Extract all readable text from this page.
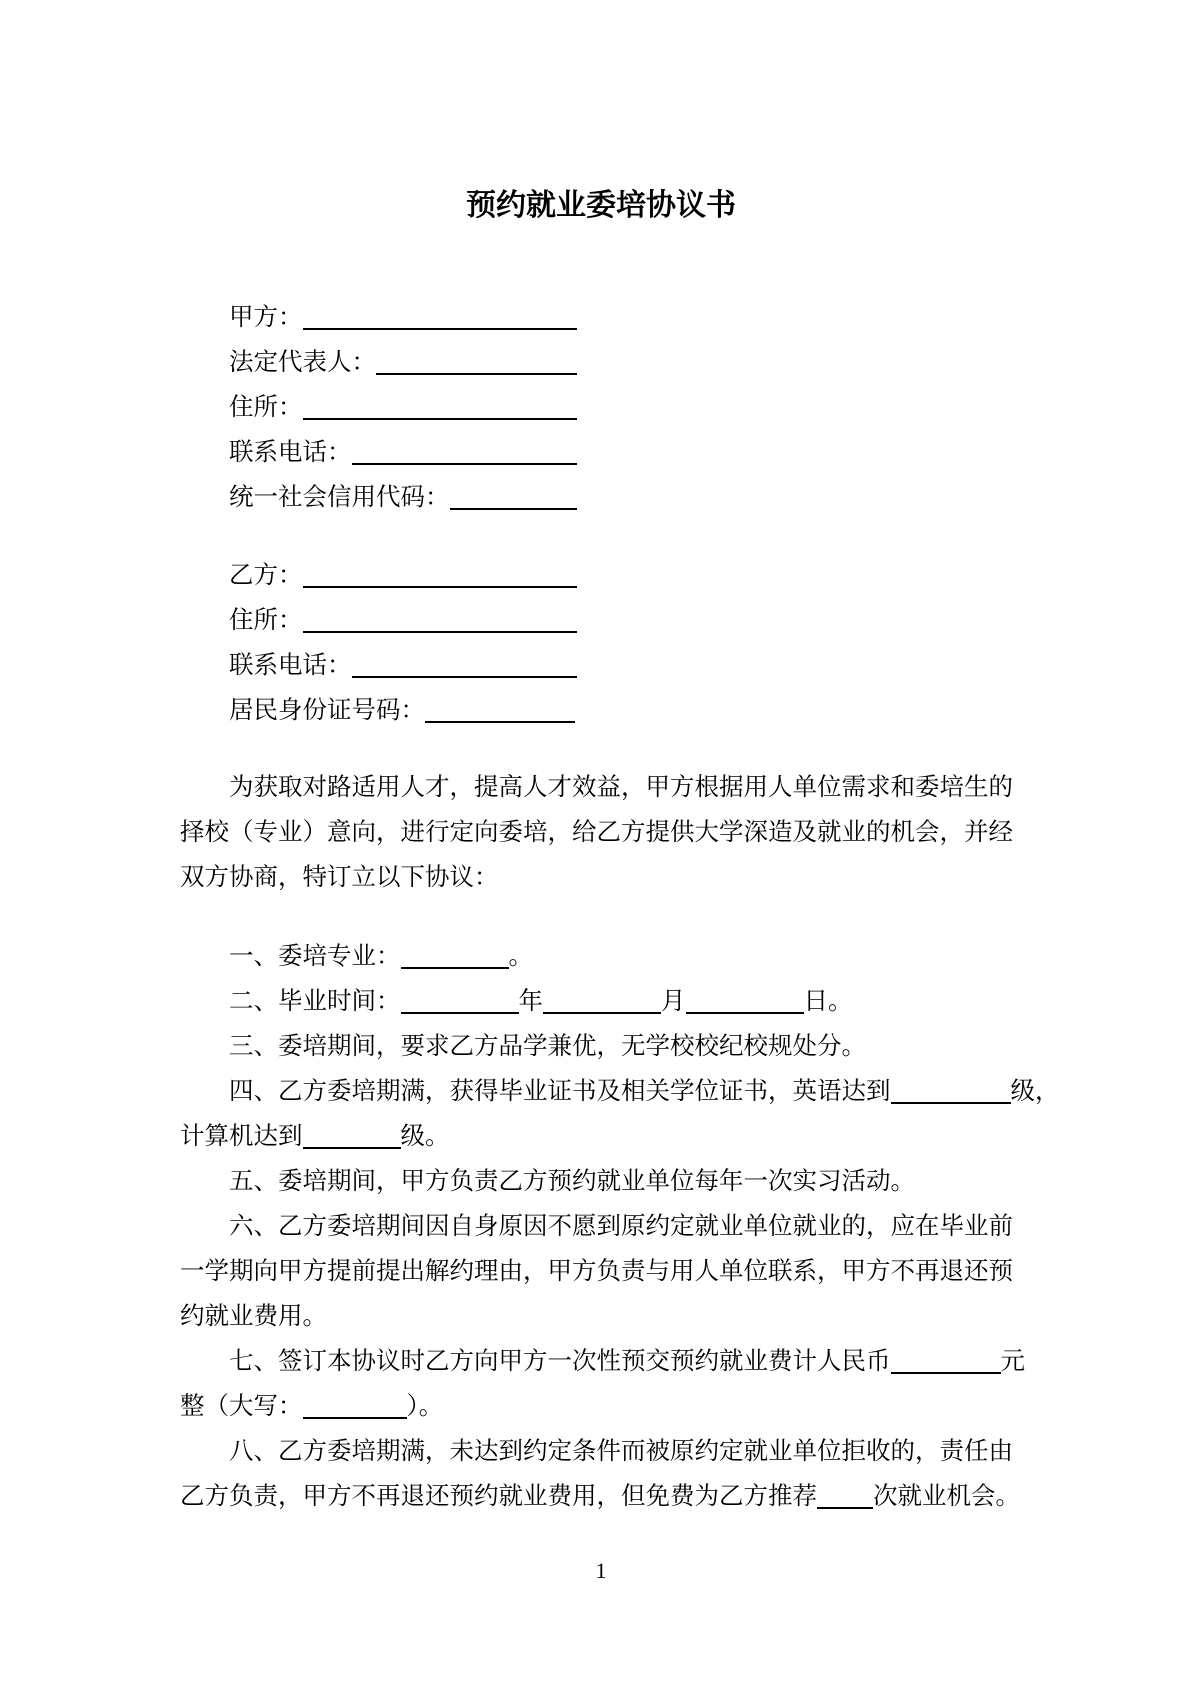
预约就业委培协议书
甲方：
法定代表人：
住所：
联系电话：
统一社会信用代码：
乙方：
住所：
联系电话：
居民身份证号码：
为获取对路适用人才，提高人才效益，甲方根据用人单位需求和委培生的
择校（专业）意向，进行定向委培，给乙方提供大学深造及就业的机会，并经
双方协商，特订立以下协议：
一、委培专业：	。
二、毕业时间：	年	月	日。
三、委培期间，要求乙方品学兼优，无学校校纪校规处分。
四、乙方委培期满，获得毕业证书及相关学位证书，英语达到	级，
计算机达到	级。
五、委培期间，甲方负责乙方预约就业单位每年一次实习活动。
六、乙方委培期间因自身原因不愿到原约定就业单位就业的，应在毕业前
一学期向甲方提前提出解约理由，甲方负责与用人单位联系，甲方不再退还预
约就业费用。
七、签订本协议时乙方向甲方一次性预交预约就业费计人民币	元
整（大写：	）。
八、乙方委培期满，未达到约定条件而被原约定就业单位拒收的，责任由
乙方负责，甲方不再退还预约就业费用，但免费为乙方推荐 次就业机会。
1
